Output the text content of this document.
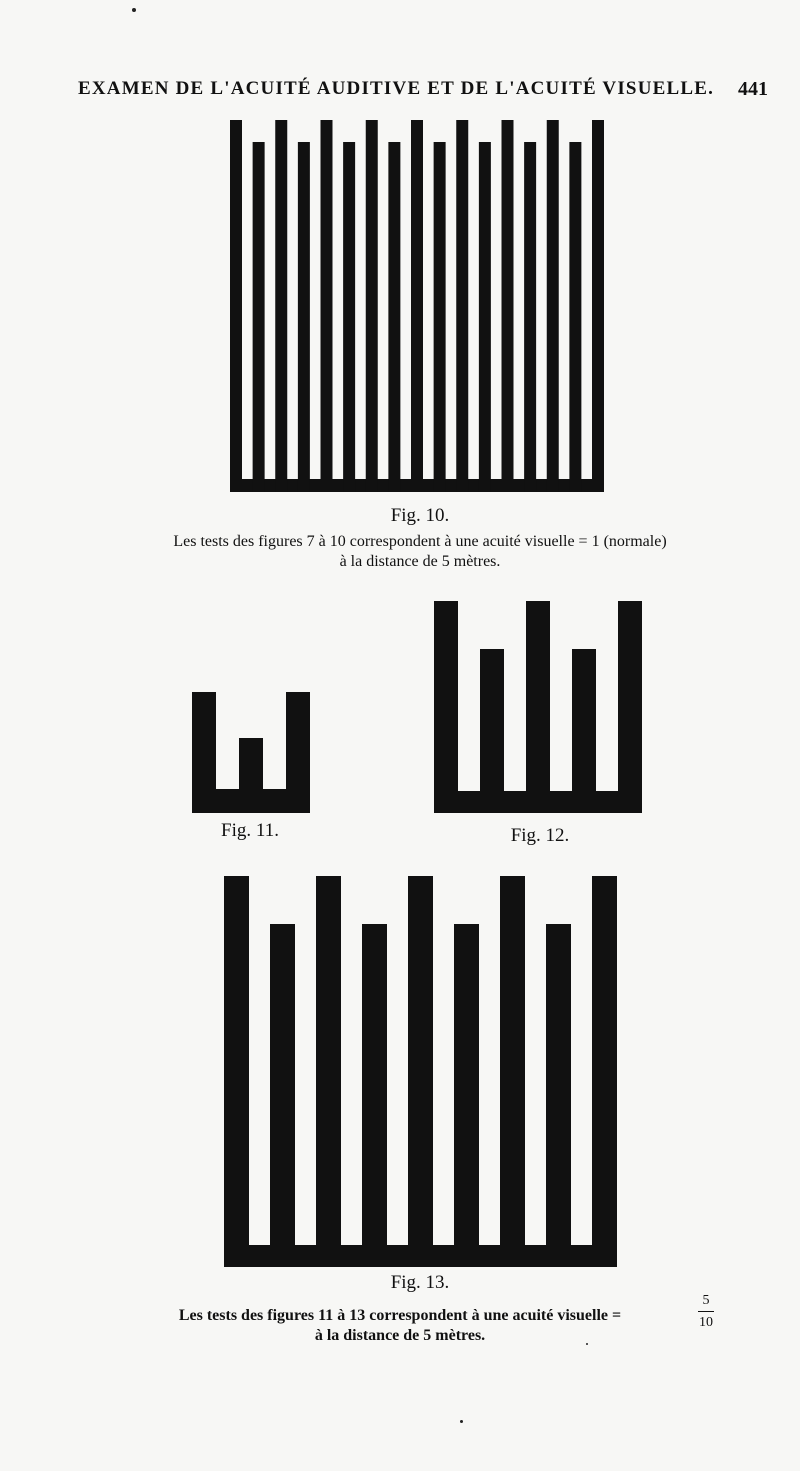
EXAMEN DE L'ACUITÉ AUDITIVE ET DE L'ACUITÉ VISUELLE. 441
Fig. 10.
Les tests des figures 7 à 10 correspondent à une acuité visuelle = 1 (normale)
à la distance de 5 mètres.
Fig. 11.	Fig. 12.
Fig. 13.
Les tests des figures 11 à 13 correspondent à une acuité visuelle =
à la distance de 5 mètres.
5
10
